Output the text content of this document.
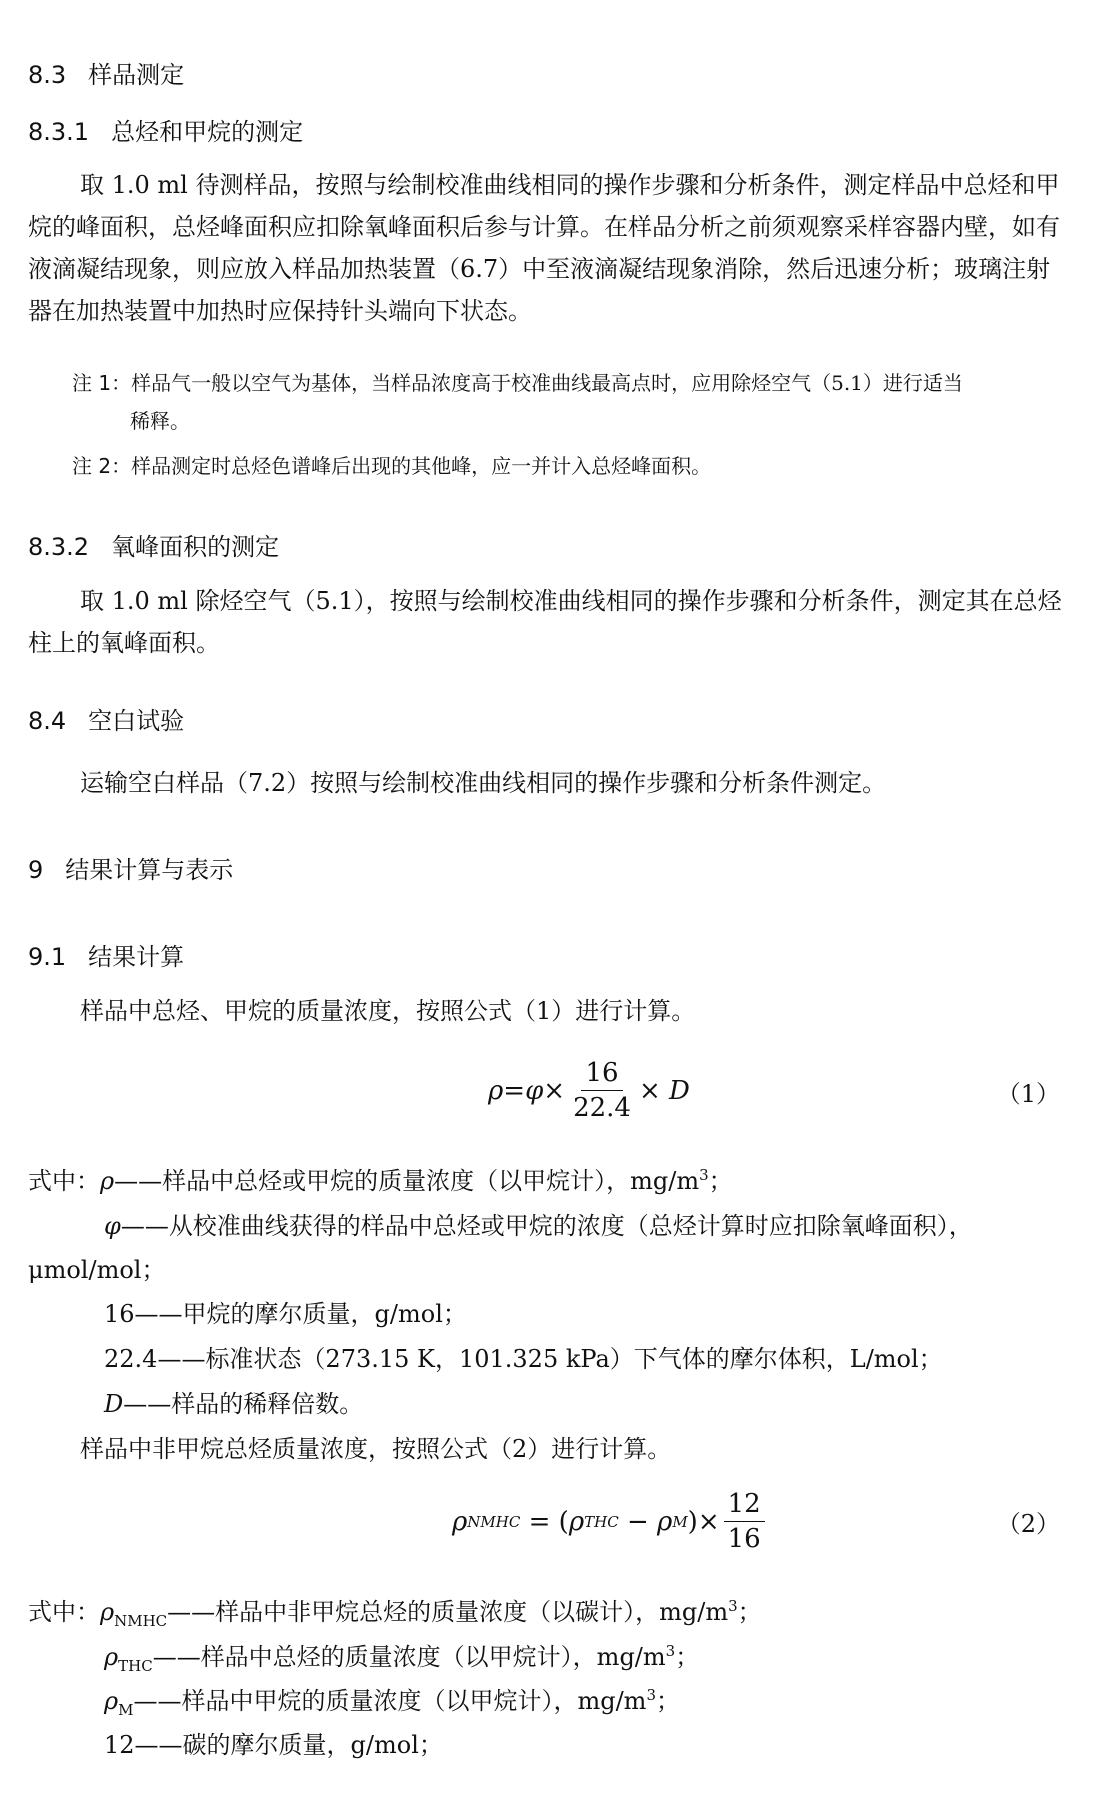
8.3 样品测定
8.3.1 总烃和甲烷的测定

取 1.0 ml 待测样品，按照与绘制校准曲线相同的操作步骤和分析条件，测定样品中总烃和甲烷的峰面积，总烃峰面积应扣除氧峰面积后参与计算。在样品分析之前须观察采样容器内壁，如有液滴凝结现象，则应放入样品加热装置（6.7）中至液滴凝结现象消除，然后迅速分析；玻璃注射器在加热装置中加热时应保持针头端向下状态。

注 1：样品气一般以空气为基体，当样品浓度高于校准曲线最高点时，应用除烃空气（5.1）进行适当
稀释。
注 2：样品测定时总烃色谱峰后出现的其他峰，应一并计入总烃峰面积。
8.3.2 氧峰面积的测定

取 1.0 ml 除烃空气（5.1），按照与绘制校准曲线相同的操作步骤和分析条件，测定其在总烃柱上的氧峰面积。

8.4 空白试验

运输空白样品（7.2）按照与绘制校准曲线相同的操作步骤和分析条件测定。

9 结果计算与表示
9.1 结果计算

样品中总烃、甲烷的质量浓度，按照公式（1）进行计算。

$\rho=\varphi\times \frac{16}{22.4} \times D$	（1）
式中：ρ——样品中总烃或甲烷的质量浓度（以甲烷计），$mg/m^3$；
φ——从校准曲线获得的样品中总烃或甲烷的浓度（总烃计算时应扣除氧峰面积），
μmol/mol；
16——甲烷的摩尔质量，g/mol；
22.4——标准状态（273.15 K，101.325 kPa）下气体的摩尔体积，L/mol；
D——样品的稀释倍数。

样品中非甲烷总烃质量浓度，按照公式（2）进行计算。

ρ NMHC = ( ρ THC − ρ M )× $\frac{12}{16}$	（2）
式中：$\rho_{NMHC}——$样品中非甲烷总烃的质量浓度（以碳计），$mg/m^3$；
$\rho_{THC}——$样品中总烃的质量浓度（以甲烷计），$mg/m^3$；
$\rho_M——$样品中甲烷的质量浓度（以甲烷计），$mg/m^3$；
12——碳的摩尔质量，g/mol；
